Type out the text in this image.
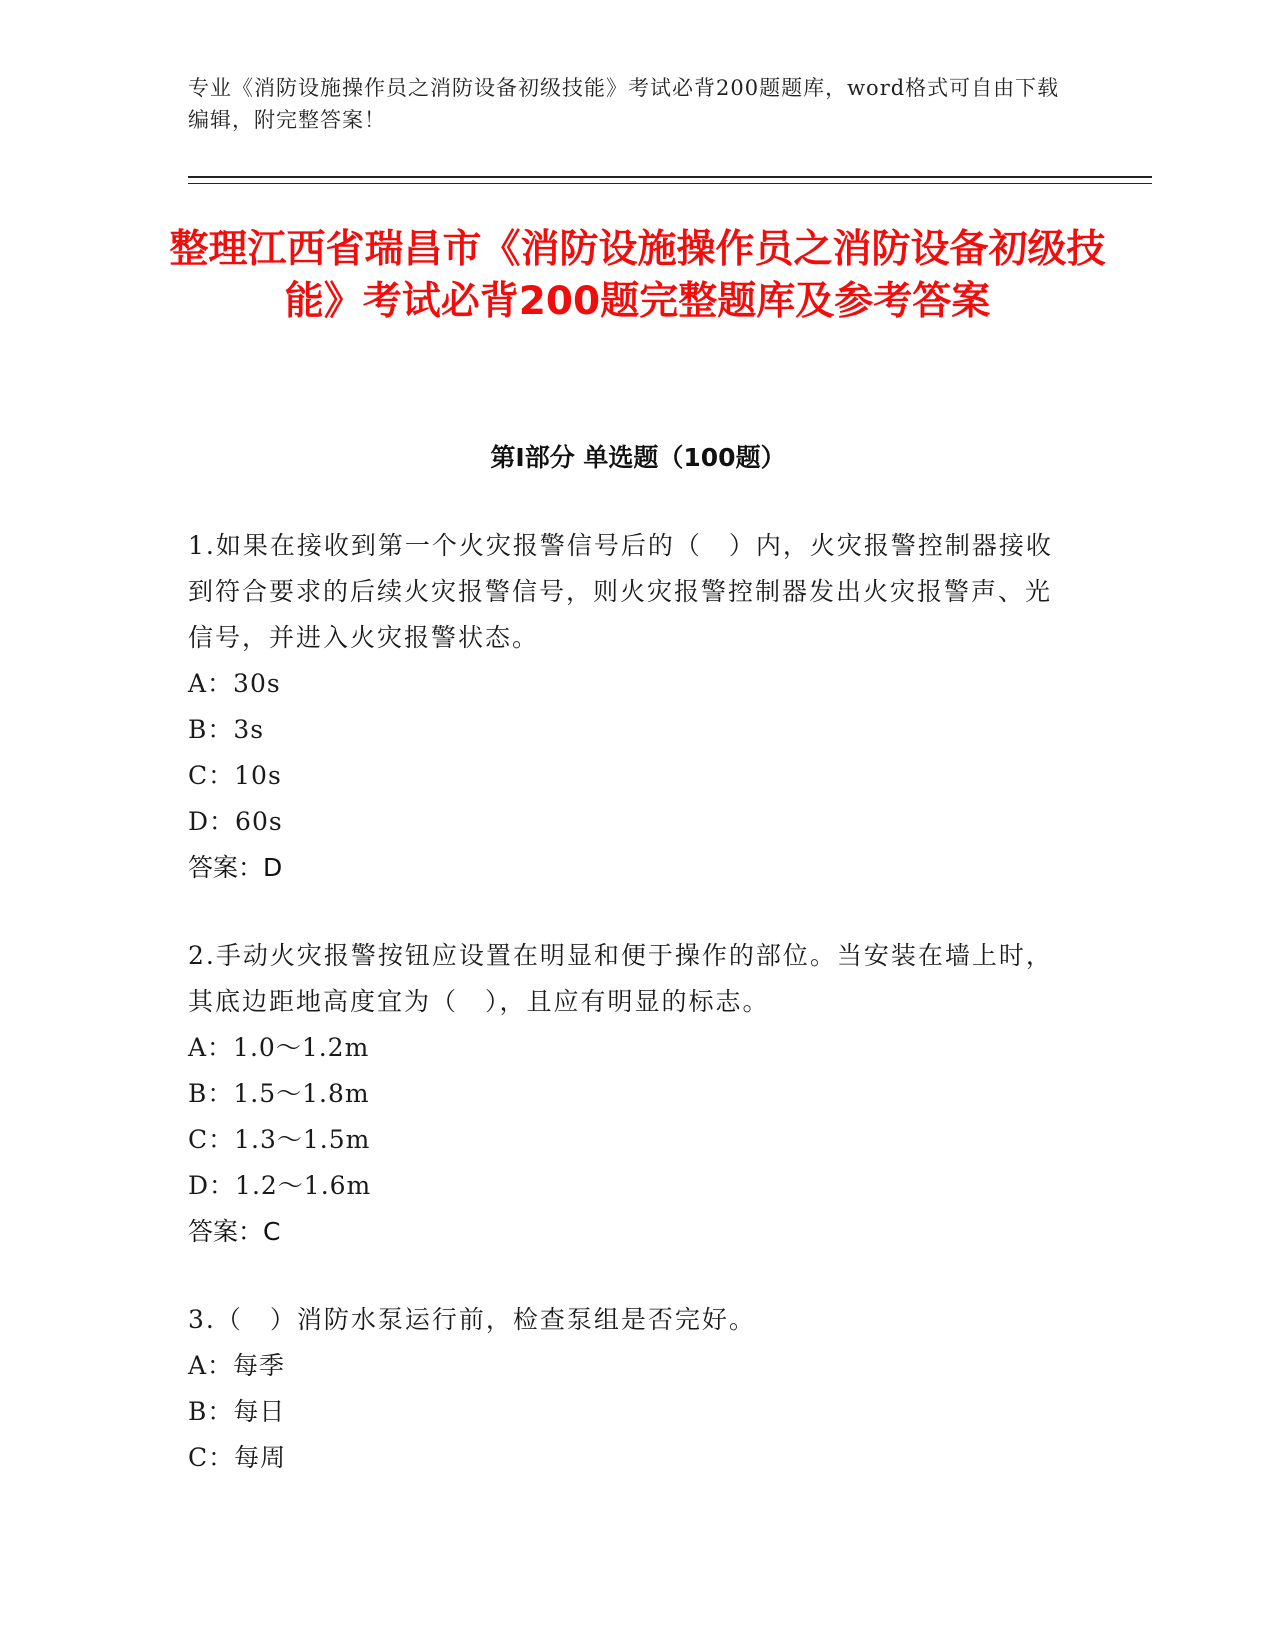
专业《消防设施操作员之消防设备初级技能》考试必背200题题库，word格式可自由下载编辑，附完整答案！
整理江西省瑞昌市《消防设施操作员之消防设备初级技能》考试必背200题完整题库及参考答案
第Ⅰ部分 单选题（100题）

1.如果在接收到第一个火灾报警信号后的（　）内，火灾报警控制器接收到符合要求的后续火灾报警信号，则火灾报警控制器发出火灾报警声、光信号，并进入火灾报警状态。

A：30s

B：3s

C：10s

D：60s

答案：D

2.手动火灾报警按钮应设置在明显和便于操作的部位。当安装在墙上时，其底边距地高度宜为（　），且应有明显的标志。

A：1.0～1.2m

B：1.5～1.8m

C：1.3～1.5m

D：1.2～1.6m

答案：C

3.（　）消防水泵运行前，检查泵组是否完好。

A：每季

B：每日

C：每周
